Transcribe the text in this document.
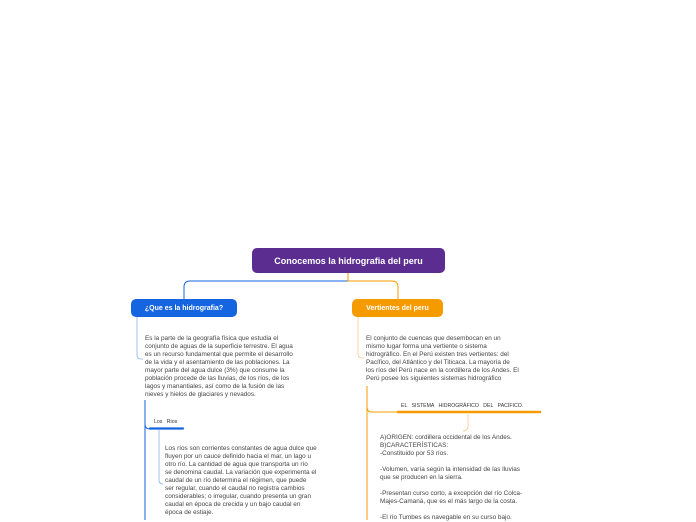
Conocemos la hidrografia del peru
¿Que es la hidrografia?	Vertientes del peru
Es la parte de la geografía física que estudia el
conjunto de aguas de la superficie terrestre. El agua
es un recurso fundamental que permite el desarrollo
de la vida y el asentamiento de las poblaciones. La
mayor parte del agua dulce (3%) que consume la
población procede de las lluvias, de los ríos, de los
lagos y manantiales, así como de la fusión de las
nieves y hielos de glaciares y nevados.
El conjunto de cuencas que desembocan en un
mismo lugar forma una vertiente o sistema
hidrográfico. En el Perú existen tres vertientes: del
Pacífico, del Atlántico y del Titicaca. La mayoría de
los ríos del Perú nace en la cordillera de los Andes. El
Perú posee los siguientes sistemas hidrográfico
Los Rios
EL SISTEMA HIDROGRÁFICO DEL PACÍFICO.
Los ríos son corrientes constantes de agua dulce que
fluyen por un cauce definido hacia el mar, un lago u
otro río. La cantidad de agua que transporta un río
se denomina caudal. La variación que experimenta el
caudal de un río determina el régimen, que puede
ser regular, cuando el caudal no registra cambios
considerables; o irregular, cuando presenta un gran
caudal en época de crecida y un bajo caudal en
época de estiaje.
A)ORIGEN: cordillera occidental de los Andes.
B)CARACTERÍSTICAS:
-Constituido por 53 ríos.

-Volumen, varía según la intensidad de las lluvias
que se producen en la sierra.

-Presentan curso corto, a excepción del río Colca-
Majes-Camaná, que es el más largo de la costa.

-El río Tumbes es navegable en su curso bajo.
